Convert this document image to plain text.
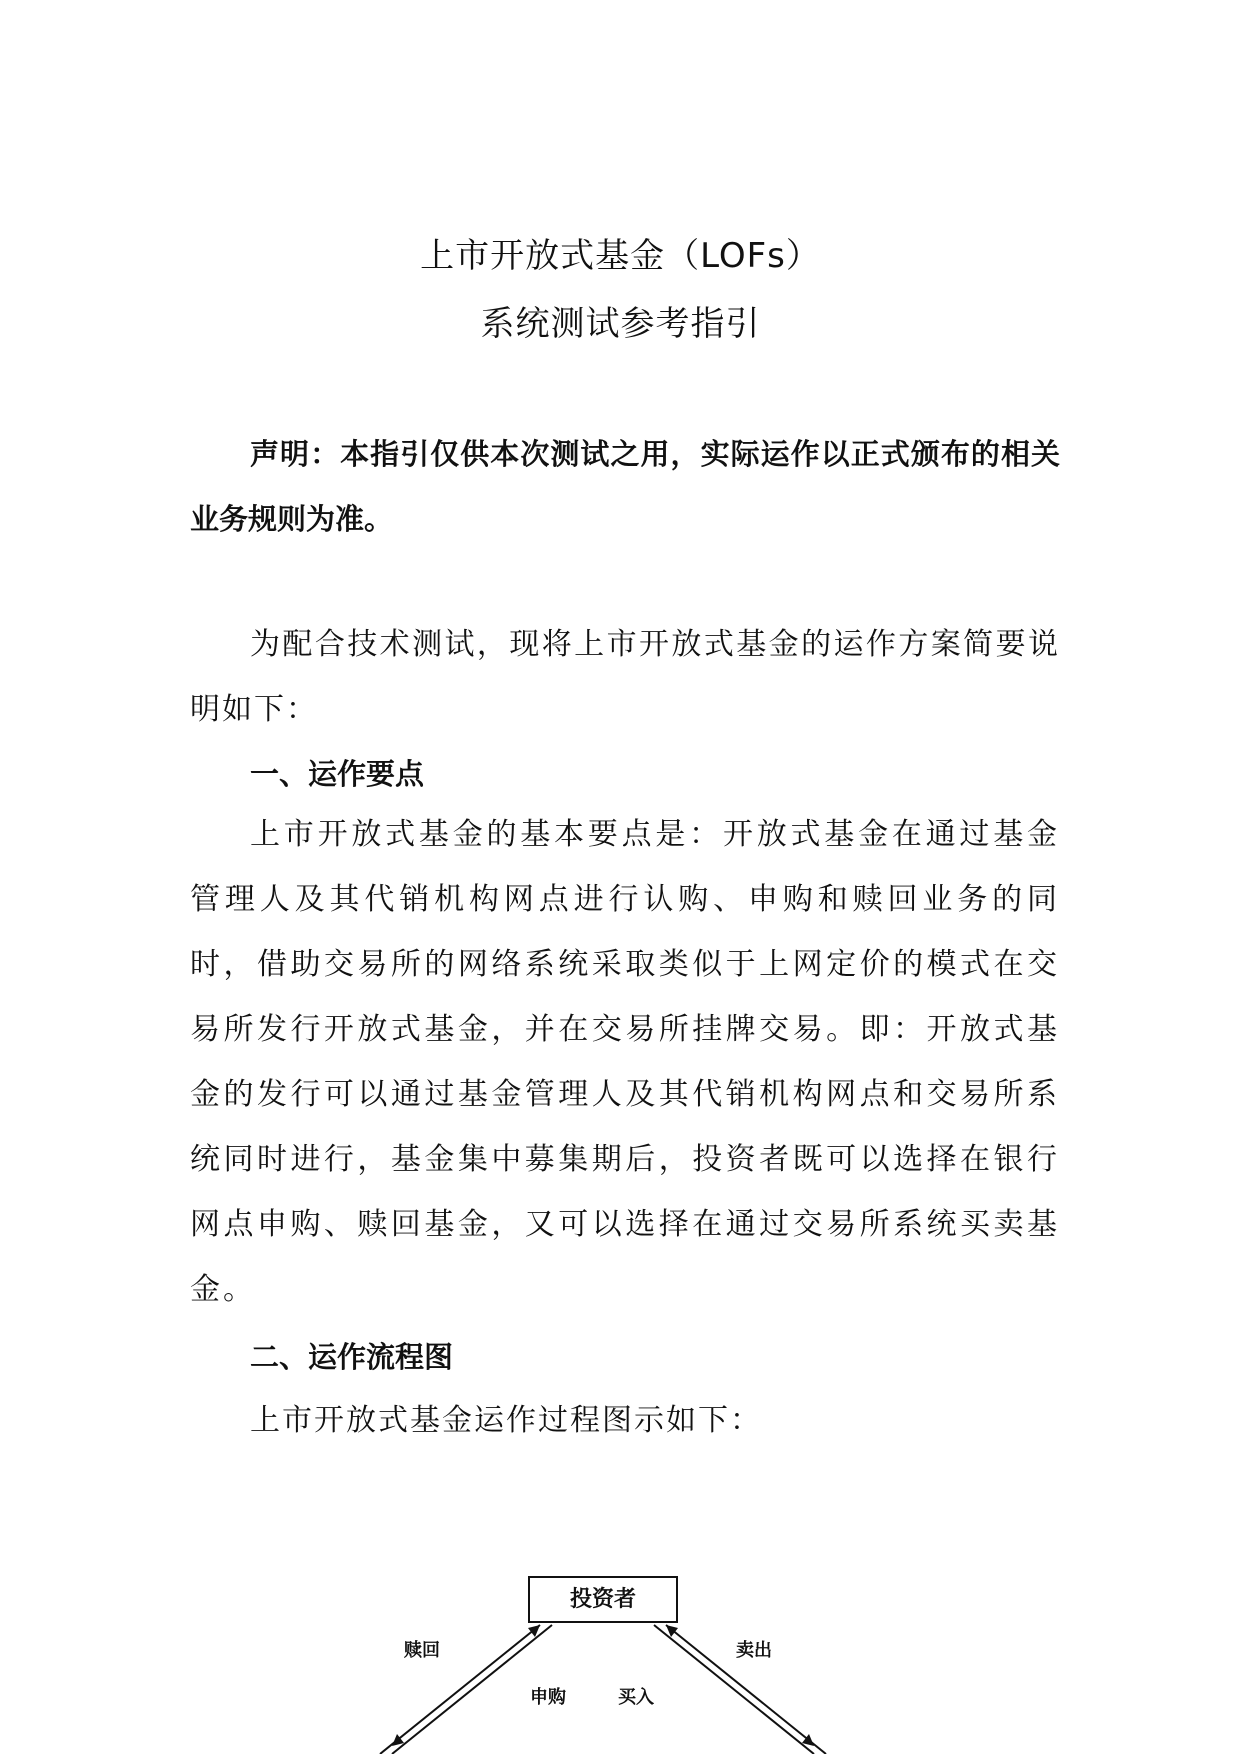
上市开放式基金（LOFs）
系统测试参考指引
声明：本指引仅供本次测试之用，实际运作以正式颁布的相关业务规则为准。
为配合技术测试，现将上市开放式基金的运作方案简要说明如下：
一、运作要点
上市开放式基金的基本要点是：开放式基金在通过基金管理人及其代销机构网点进行认购、申购和赎回业务的同时，借助交易所的网络系统采取类似于上网定价的模式在交易所发行开放式基金，并在交易所挂牌交易。即：开放式基金的发行可以通过基金管理人及其代销机构网点和交易所系统同时进行，基金集中募集期后，投资者既可以选择在银行网点申购、赎回基金，又可以选择在通过交易所系统买卖基金。
二、运作流程图
上市开放式基金运作过程图示如下：
投资者
赎回	卖出
申购	买入
